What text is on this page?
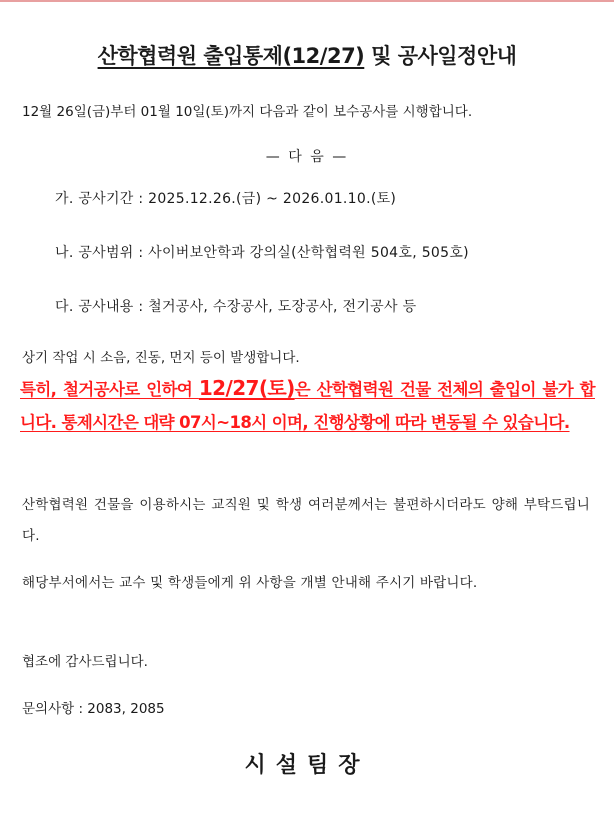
산학협력원 출입통제(12/27) 및 공사일정안내
12월 26일(금)부터 01월 10일(토)까지 다음과 같이 보수공사를 시행합니다.
— 다 음 —
가. 공사기간 : 2025.12.26.(금) ~ 2026.01.10.(토)
나. 공사범위 : 사이버보안학과 강의실(산학협력원 504호, 505호)
다. 공사내용 : 철거공사, 수장공사, 도장공사, 전기공사 등
상기 작업 시 소음, 진동, 먼지 등이 발생합니다.
특히, 철거공사로 인하여 12/27(토)은 산학협력원 건물 전체의 출입이 불가 합니다. 통제시간은 대략 07시~18시 이며, 진행상황에 따라 변동될 수 있습니다.
산학협력원 건물을 이용하시는 교직원 및 학생 여러분께서는 불편하시더라도 양해 부탁드립니다.
해당부서에서는 교수 및 학생들에게 위 사항을 개별 안내해 주시기 바랍니다.
협조에 감사드립니다.
문의사항 : 2083, 2085
시설팀장
